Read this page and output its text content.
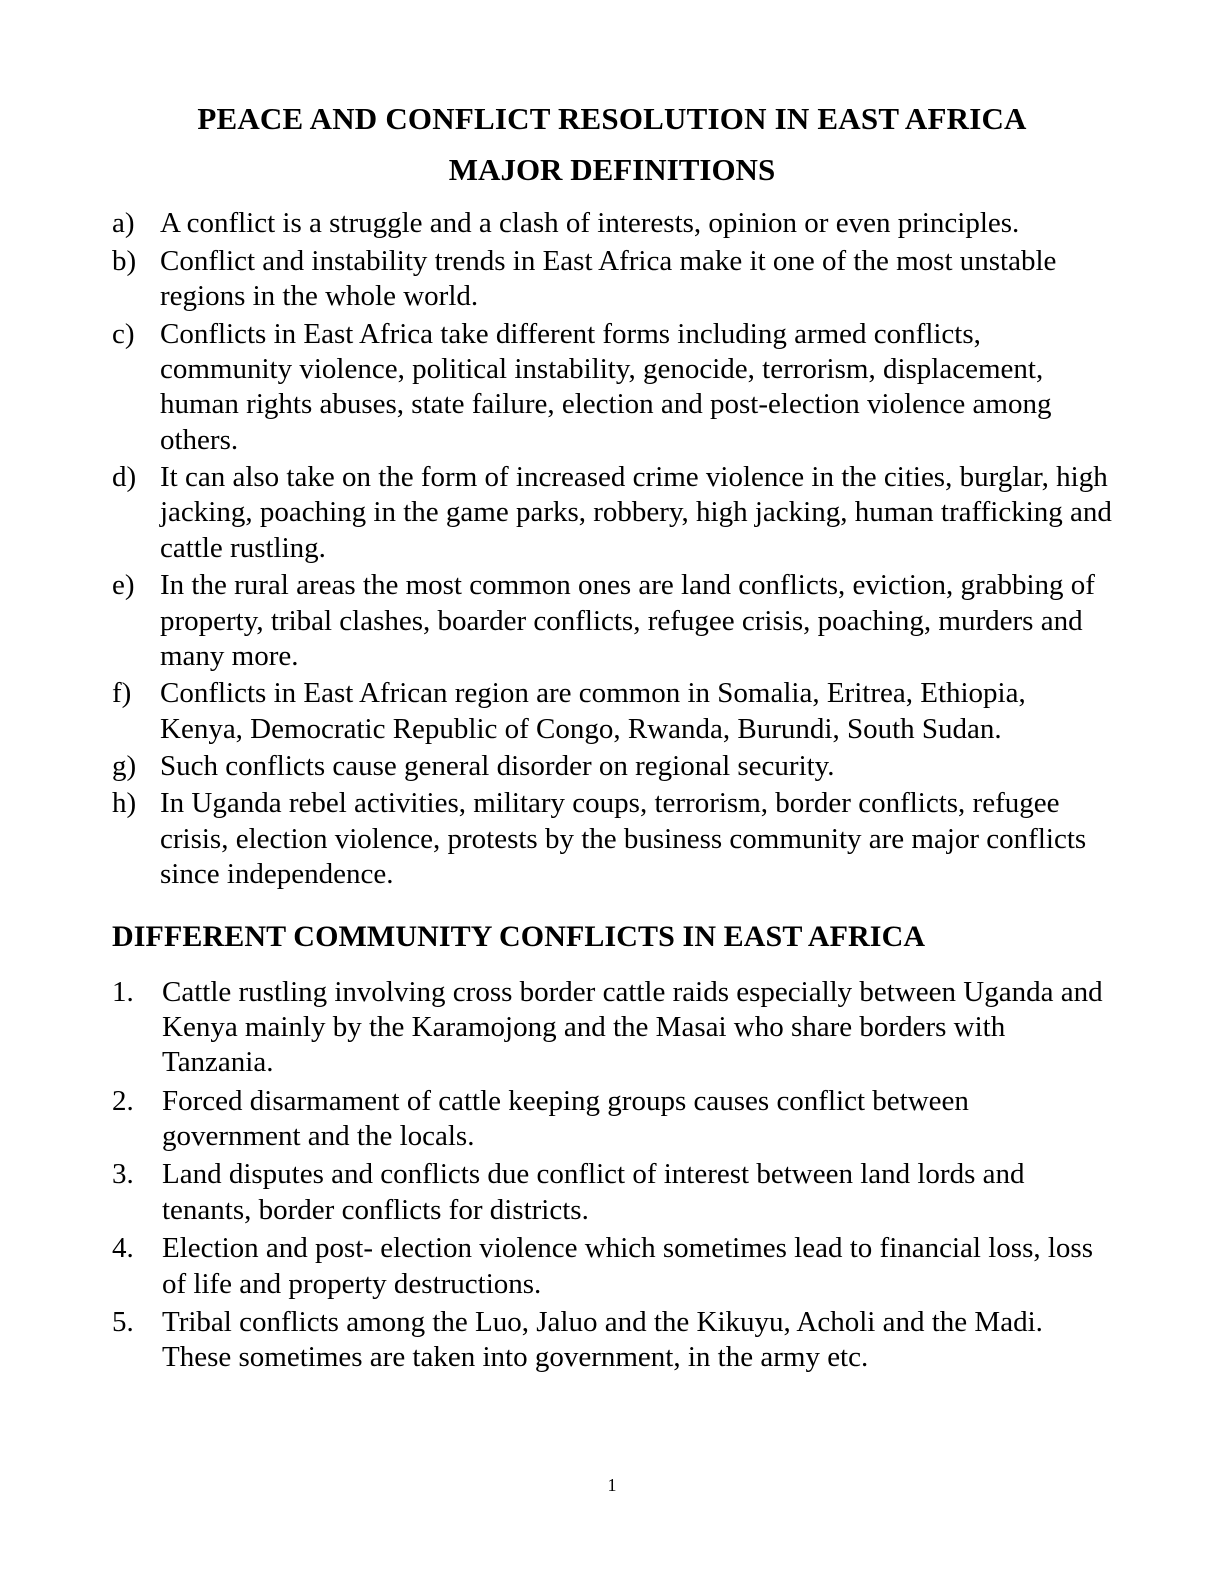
PEACE AND CONFLICT RESOLUTION IN EAST AFRICA
MAJOR DEFINITIONS
a) A conflict is a struggle and a clash of interests, opinion or even principles.
b) Conflict and instability trends in East Africa make it one of the most unstable regions in the whole world.
c) Conflicts in East Africa take different forms including armed conflicts, community violence, political instability, genocide, terrorism, displacement, human rights abuses, state failure, election and post-election violence among others.
d) It can also take on the form of increased crime violence in the cities, burglar, high jacking, poaching in the game parks, robbery, high jacking, human trafficking and cattle rustling.
e) In the rural areas the most common ones are land conflicts, eviction, grabbing of property, tribal clashes, boarder conflicts, refugee crisis, poaching, murders and many more.
f) Conflicts in East African region are common in Somalia, Eritrea, Ethiopia, Kenya, Democratic Republic of Congo, Rwanda, Burundi, South Sudan.
g) Such conflicts cause general disorder on regional security.
h) In Uganda rebel activities, military coups, terrorism, border conflicts, refugee crisis, election violence, protests by the business community are major conflicts since independence.
DIFFERENT COMMUNITY CONFLICTS IN EAST AFRICA
1. Cattle rustling involving cross border cattle raids especially between Uganda and Kenya mainly by the Karamojong and the Masai who share borders with Tanzania.
2. Forced disarmament of cattle keeping groups causes conflict between government and the locals.
3. Land disputes and conflicts due conflict of interest between land lords and tenants, border conflicts for districts.
4. Election and post- election violence which sometimes lead to financial loss, loss of life and property destructions.
5. Tribal conflicts among the Luo, Jaluo and the Kikuyu, Acholi and the Madi. These sometimes are taken into government, in the army etc.
1
